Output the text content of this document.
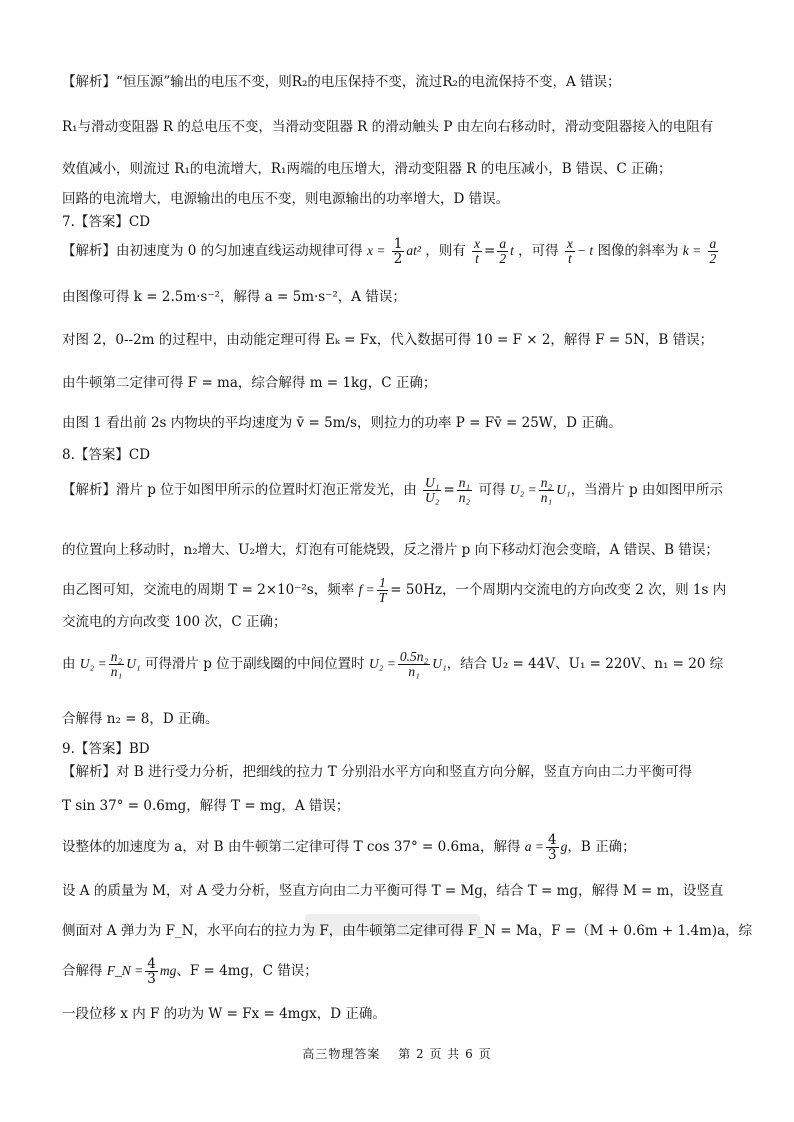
【解析】“恒压源”输出的电压不变，则R₂的电压保持不变，流过R₂的电流保持不变，A 错误；
R₁与滑动变阻器 R 的总电压不变，当滑动变阻器 R 的滑动触头 P 由左向右移动时，滑动变阻器接入的电阻有
效值减小，则流过 R₁的电流增大，R₁两端的电压增大，滑动变阻器 R 的电压减小，B 错误、C 正确；
回路的电流增大，电源输出的电压不变，则电源输出的功率增大，D 错误。
7.【答案】CD
【解析】由初速度为 0 的匀加速直线运动规律可得 $x = \frac{1}{2} at^2$ ，则有 $\frac{x}{t} = \frac{a}{2}$ t ，可得 $\frac{x}{t} - t$ 图像的斜率为 $k = \frac{a}{2}$
由图像可得 k = 2.5m·s⁻²，解得 a = 5m·s⁻²，A 错误；
对图 2，0--2m 的过程中，由动能定理可得 Eₖ = Fx，代入数据可得 10 = F × 2，解得 F = 5N，B 错误；
由牛顿第二定律可得 F = ma，综合解得 m = 1kg，C 正确；
由图 1 看出前 2s 内物块的平均速度为 v̄ = 5m/s，则拉力的功率 P = Fv̄ = 25W，D 正确。
8.【答案】CD
【解析】滑片 p 位于如图甲所示的位置时灯泡正常发光，由 $\frac{\text{U₁}}{\text{U₂}} = \frac{\text{n₁}}{\text{n₂}}$ 可得 $U_2 = \frac{\text{n₂}}{\text{n₁}} U_1$，当滑片 p 由如图甲所示
的位置向上移动时，n₂增大、U₂增大，灯泡有可能烧毁，反之滑片 p 向下移动灯泡会变暗，A 错误、B 错误；
由乙图可知，交流电的周期 T = 2×10⁻²s，频率 $f = \frac{1}{T} = 50Hz$，一个周期内交流电的方向改变 2 次，则 1s 内
交流电的方向改变 100 次，C 正确；
由 $U_2 = \frac{\text{n₂}}{\text{n₁}} U_1$ 可得滑片 p 位于副线圈的中间位置时 $U_2 = \frac{\text{0.5n₂}}{\text{n₁}} U_1$，结合 U₂ = 44V、U₁ = 220V、n₁ = 20 综
合解得 n₂ = 8，D 正确。
9.【答案】BD
【解析】对 B 进行受力分析，把细线的拉力 T 分别沿水平方向和竖直方向分解，竖直方向由二力平衡可得
T sin 37° = 0.6mg，解得 T = mg，A 错误；
设整体的加速度为 a，对 B 由牛顿第二定律可得 T cos 37° = 0.6ma，解得 $a = \frac{4}{3}$ g，B 正确；
设 A 的质量为 M，对 A 受力分析，竖直方向由二力平衡可得 T = Mg，结合 T = mg，解得 M = m，设竖直
侧面对 A 弹力为 F_N，水平向右的拉力为 F，由牛顿第二定律可得 F_N = Ma，F =（M + 0.6m + 1.4m)a，综
合解得 F_N = $\frac{4}{3}$ mg、F = 4mg，C 错误；
一段位移 x 内 F 的功为 W = Fx = 4mgx，D 正确。
高三物理答案　 第 2 页 共 6 页
